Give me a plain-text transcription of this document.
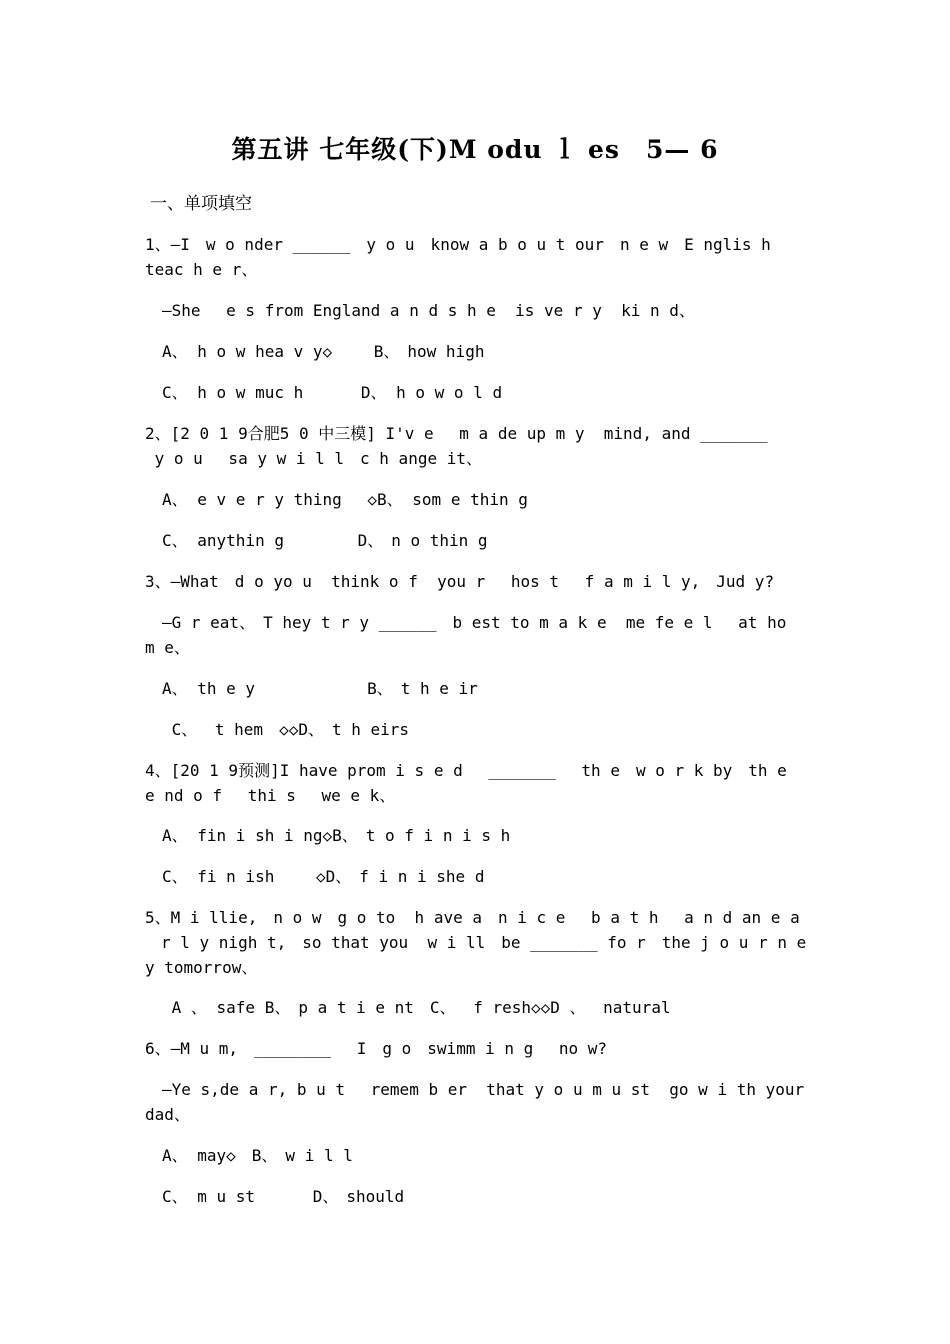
第五讲 七年级(下)M odu ｌ es　5— 6
一、单项填空
1、—I　w o nder ______　y o u　know a b o u t our　n e w　E nglis h
teac h e r、
—She　 e s from England a n d s h e  is ve r y  ki n d、
A、 h o w hea v y◇　 　B、　how high
C、 h o w muc h　　　 D、 h o w o l d
2、[2 0 1 9合肥5 0 中三模] I'v e　 m a de up m y  mind, and _______
y o u　 sa y w i l l　c h ange it、
A、 e v e r y thing　 ◇B、 som e thin g
C、 anythin g　　　　 D、　n o thin g
3、—What　d o yo u  think o f  you r　 hos t　 f a m i l y,　Jud y?
—G r eat、　T hey t r y ______　b est to m a k e  me fe e l　 at ho
m e、
A、 th e y　　　　　　　B、　t h e ir
C、　 t hem　◇◇D、　t h eirs
4、[20 1 9预测]I have prom i s e d　 _______　 th e　w o r k by　th e
e nd o f　 thi s　 we e k、
A、 fin i sh i ng◇B、　t o f i n i s h
C、 fi n ish　　 ◇D、　f i n i she d
5、M i llie,　n o w　g o to  h ave a　n i c e　 b a t h　 a n d an e a
　r l y nigh t,　so that you  w i ll　be _______ fo r　the j o u r n e
y tomorrow、
A 、 safe B、　p a t i e nt　C、　 f resh◇◇D 、　 natural
6、—M u m,　________　 I　g o　swimm i n g　 no w?
—Ye s,de a r, b u t　 remem b er  that y o u m u st  go w i th your
dad、
A、 may◇　B、　w i l l
C、 m u st　　　 D、　should
